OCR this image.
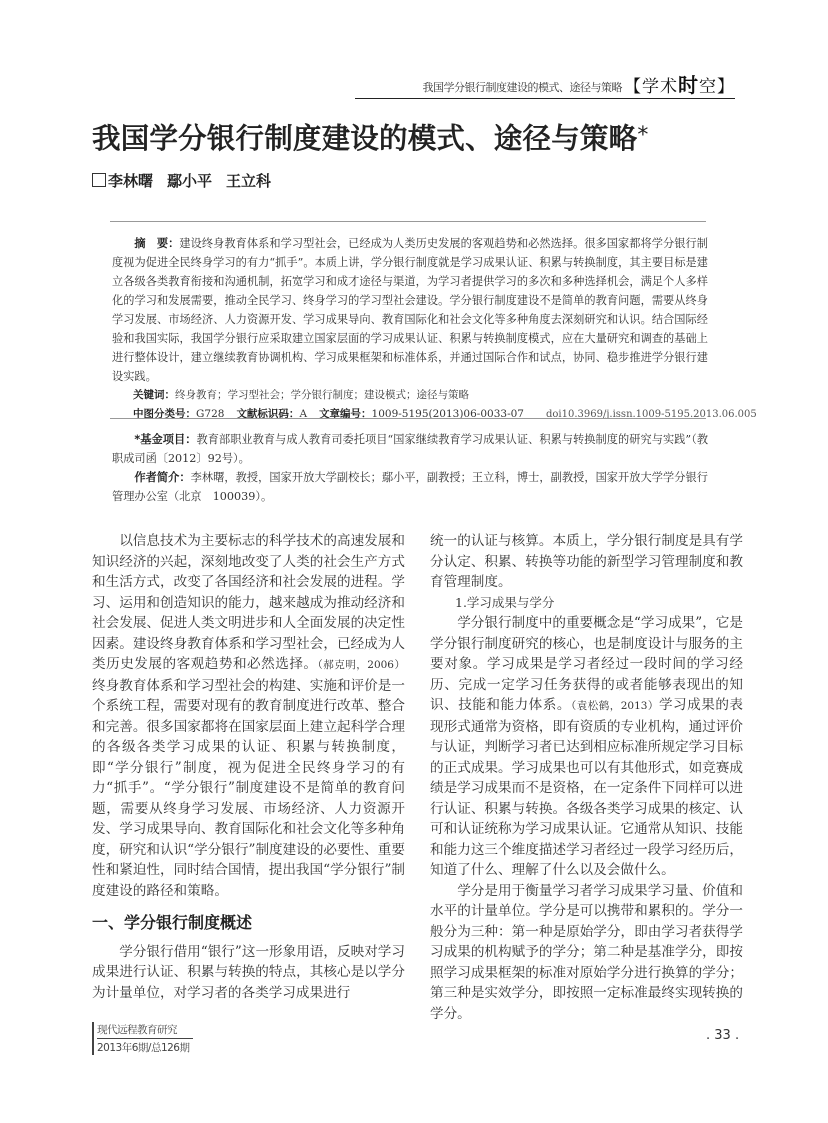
我国学分银行制度建设的模式、途径与策略 【学术时空】
我国学分银行制度建设的模式、途径与策略*
李林曙 鄢小平 王立科

摘　要：建设终身教育体系和学习型社会，已经成为人类历史发展的客观趋势和必然选择。很多国家都将学分银行制度视为促进全民终身学习的有力“抓手”。本质上讲，学分银行制度就是学习成果认证、积累与转换制度，其主要目标是建立各级各类教育衔接和沟通机制，拓宽学习和成才途径与渠道，为学习者提供学习的多次和多种选择机会，满足个人多样化的学习和发展需要，推动全民学习、终身学习的学习型社会建设。学分银行制度建设不是简单的教育问题，需要从终身学习发展、市场经济、人力资源开发、学习成果导向、教育国际化和社会文化等多种角度去深刻研究和认识。结合国际经验和我国实际，我国学分银行应采取建立国家层面的学习成果认证、积累与转换制度模式，应在大量研究和调查的基础上进行整体设计，建立继续教育协调机构、学习成果框架和标准体系，并通过国际合作和试点，协同、稳步推进学分银行建设实践。

关键词：终身教育；学习型社会；学分银行制度；建设模式；途径与策略
中图分类号：G728 文献标识码：A 文章编号：1009-5195(2013)06-0033-07 doi10.3969/j.issn.1009-5195.2013.06.005

*基金项目：教育部职业教育与成人教育司委托项目“国家继续教育学习成果认证、积累与转换制度的研究与实践”（教职成司函〔2012〕92号）。

作者简介：李林曙，教授，国家开放大学副校长；鄢小平，副教授；王立科，博士，副教授，国家开放大学学分银行管理办公室（北京　100039）。

以信息技术为主要标志的科学技术的高速发展和知识经济的兴起，深刻地改变了人类的社会生产方式和生活方式，改变了各国经济和社会发展的进程。学习、运用和创造知识的能力，越来越成为推动经济和社会发展、促进人类文明进步和人全面发展的决定性因素。建设终身教育体系和学习型社会，已经成为人类历史发展的客观趋势和必然选择。（郝克明，2006）终身教育体系和学习型社会的构建、实施和评价是一个系统工程，需要对现有的教育制度进行改革、整合和完善。很多国家都将在国家层面上建立起科学合理的各级各类学习成果的认证、积累与转换制度，即“学分银行”制度，视为促进全民终身学习的有力“抓手”。“学分银行”制度建设不是简单的教育问题，需要从终身学习发展、市场经济、人力资源开发、学习成果导向、教育国际化和社会文化等多种角度，研究和认识“学分银行”制度建设的必要性、重要性和紧迫性，同时结合国情，提出我国“学分银行”制度建设的路径和策略。

一、学分银行制度概述

学分银行借用“银行”这一形象用语，反映对学习成果进行认证、积累与转换的特点，其核心是以学分为计量单位，对学习者的各类学习成果进行

统一的认证与核算。本质上，学分银行制度是具有学分认定、积累、转换等功能的新型学习管理制度和教育管理制度。

1.学习成果与学分

学分银行制度中的重要概念是“学习成果”，它是学分银行制度研究的核心，也是制度设计与服务的主要对象。学习成果是学习者经过一段时间的学习经历、完成一定学习任务获得的或者能够表现出的知识、技能和能力体系。（袁松鹤，2013）学习成果的表现形式通常为资格，即有资质的专业机构，通过评价与认证，判断学习者已达到相应标准所规定学习目标的正式成果。学习成果也可以有其他形式，如竞赛成绩是学习成果而不是资格，在一定条件下同样可以进行认证、积累与转换。各级各类学习成果的核定、认可和认证统称为学习成果认证。它通常从知识、技能和能力这三个维度描述学习者经过一段学习经历后，知道了什么、理解了什么以及会做什么。

学分是用于衡量学习者学习成果学习量、价值和水平的计量单位。学分是可以携带和累积的。学分一般分为三种：第一种是原始学分，即由学习者获得学习成果的机构赋予的学分；第二种是基准学分，即按照学习成果框架的标准对原始学分进行换算的学分；第三种是实效学分，即按照一定标准最终实现转换的学分。

现代远程教育研究
2013年6期/总126期
. 33 .
